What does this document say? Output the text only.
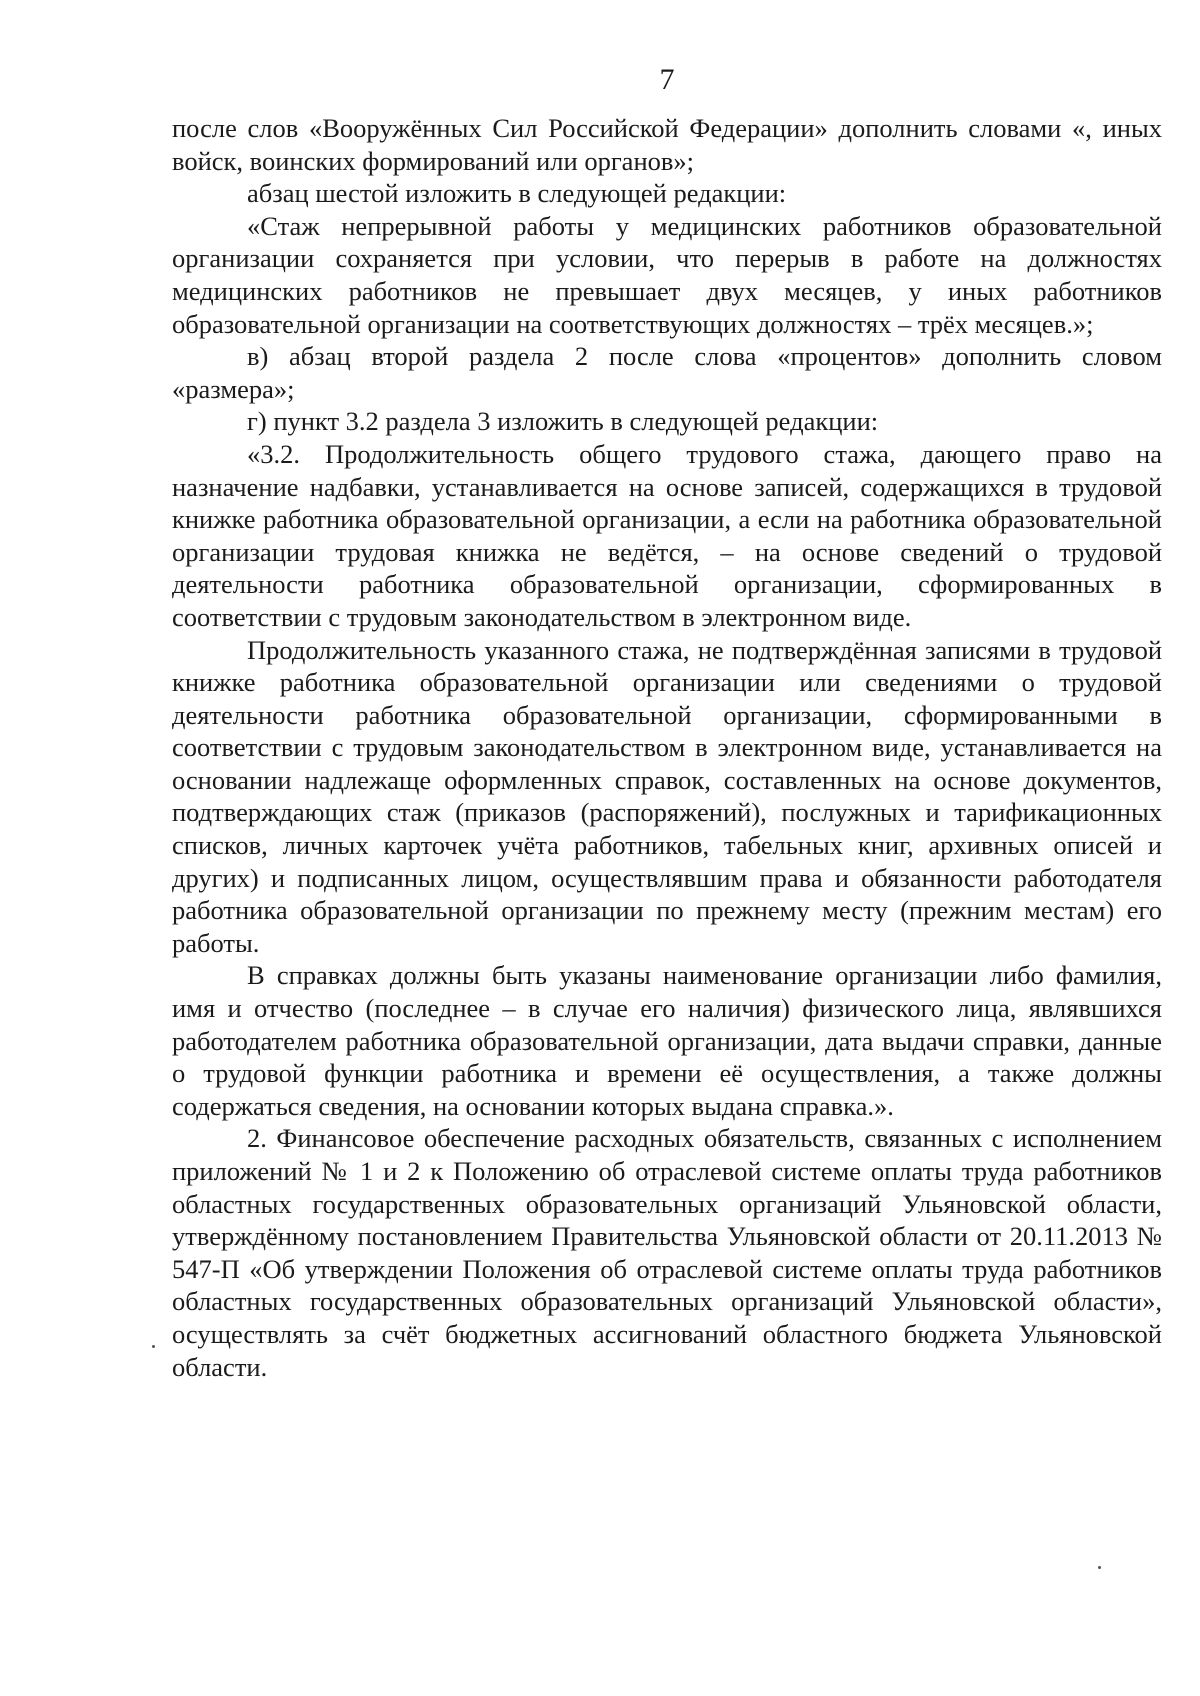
7

после слов «Вооружённых Сил Российской Федерации» дополнить словами «, иных войск, воинских формирований или органов»;

абзац шестой изложить в следующей редакции:

«Стаж непрерывной работы у медицинских работников образовательной организации сохраняется при условии, что перерыв в работе на должностях медицинских работников не превышает двух месяцев, у иных работников образовательной организации на соответствующих должностях – трёх месяцев.»;

в) абзац второй раздела 2 после слова «процентов» дополнить словом «размера»;

г) пункт 3.2 раздела 3 изложить в следующей редакции:

«3.2. Продолжительность общего трудового стажа, дающего право на назначение надбавки, устанавливается на основе записей, содержащихся в трудовой книжке работника образовательной организации, а если на работника образовательной организации трудовая книжка не ведётся, – на основе сведений о трудовой деятельности работника образовательной организации, сформированных в соответствии с трудовым законодательством в электронном виде.

Продолжительность указанного стажа, не подтверждённая записями в трудовой книжке работника образовательной организации или сведениями о трудовой деятельности работника образовательной организации, сформированными в соответствии с трудовым законодательством в электронном виде, устанавливается на основании надлежаще оформленных справок, составленных на основе документов, подтверждающих стаж (приказов (распоряжений), послужных и тарификационных списков, личных карточек учёта работников, табельных книг, архивных описей и других) и подписанных лицом, осуществлявшим права и обязанности работодателя работника образовательной организации по прежнему месту (прежним местам) его работы.

В справках должны быть указаны наименование организации либо фамилия, имя и отчество (последнее – в случае его наличия) физического лица, являвшихся работодателем работника образовательной организации, дата выдачи справки, данные о трудовой функции работника и времени её осуществления, а также должны содержаться сведения, на основании которых выдана справка.».

2. Финансовое обеспечение расходных обязательств, связанных с исполнением приложений № 1 и 2 к Положению об отраслевой системе оплаты труда работников областных государственных образовательных организаций Ульяновской области, утверждённому постановлением Правительства Ульяновской области от 20.11.2013 № 547-П «Об утверждении Положения об отраслевой системе оплаты труда работников областных государственных образовательных организаций Ульяновской области», осуществлять за счёт бюджетных ассигнований областного бюджета Ульяновской области.
